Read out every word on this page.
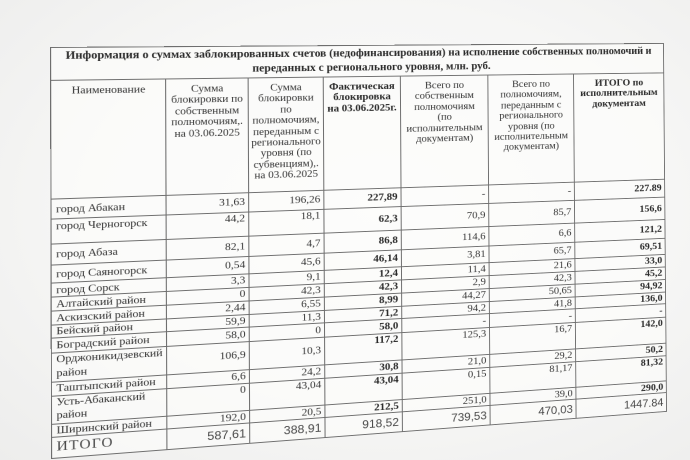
Информация о суммах заблокированных счетов (недофинансирования) на исполнение собственных полномочий и
переданных с регионального уровня, млн. руб.						
Наименование	Сумма
блокировки по
собственным
полномочиям,.
на 03.06.2025	Сумма
блокировки
по
полномочиям,
переданным с
регионального
уровня (по
субвенциям),.
на 03.06.2025	Фактическая
блокировка
на 03.06.2025г.	Всего по
собственным
полномочиям
(по
исполнительным
документам)	Всего по
полномочиям,
переданным с
регионального
уровня (по
исполнительным
документам)	ИТОГО по
исполнительным
документам
город Абакан	31,63	196,26	227,89	-	-	227.89
город Черногорск	44,2	18,1	62,3	70,9	85,7	156,6
город Абаза	82,1	4,7	86,8	114,6	6,6	121,2
город Саяногорск	0,54	45,6	46,14	3,81	65,7	69,51
город Сорск	3,3	9,1	12,4	11,4	21,6	33,0
Алтайский район	0	42,3	42,3	2,9	42,3	45,2
Аскизский район	2,44	6,55	8,99	44,27	50,65	94,92
Бейский район	59,9	11,3	71,2	94,2	41,8	136,0
Боградский район	58,0	0	58,0	-	-	-
Орджоникидзевский район	106,9	10,3	117,2	125,3	16,7	142,0
Таштыпский район	6,6	24,2	30,8	21,0	29,2	50,2
Усть-Абаканский район	0	43,04	43,04	0,15	81,17	81,32
Ширинский район	192,0	20,5	212,5	251,0	39,0	290,0
ИТОГО	587,61	388,91	918,52	739,53	470,03	1447.84
